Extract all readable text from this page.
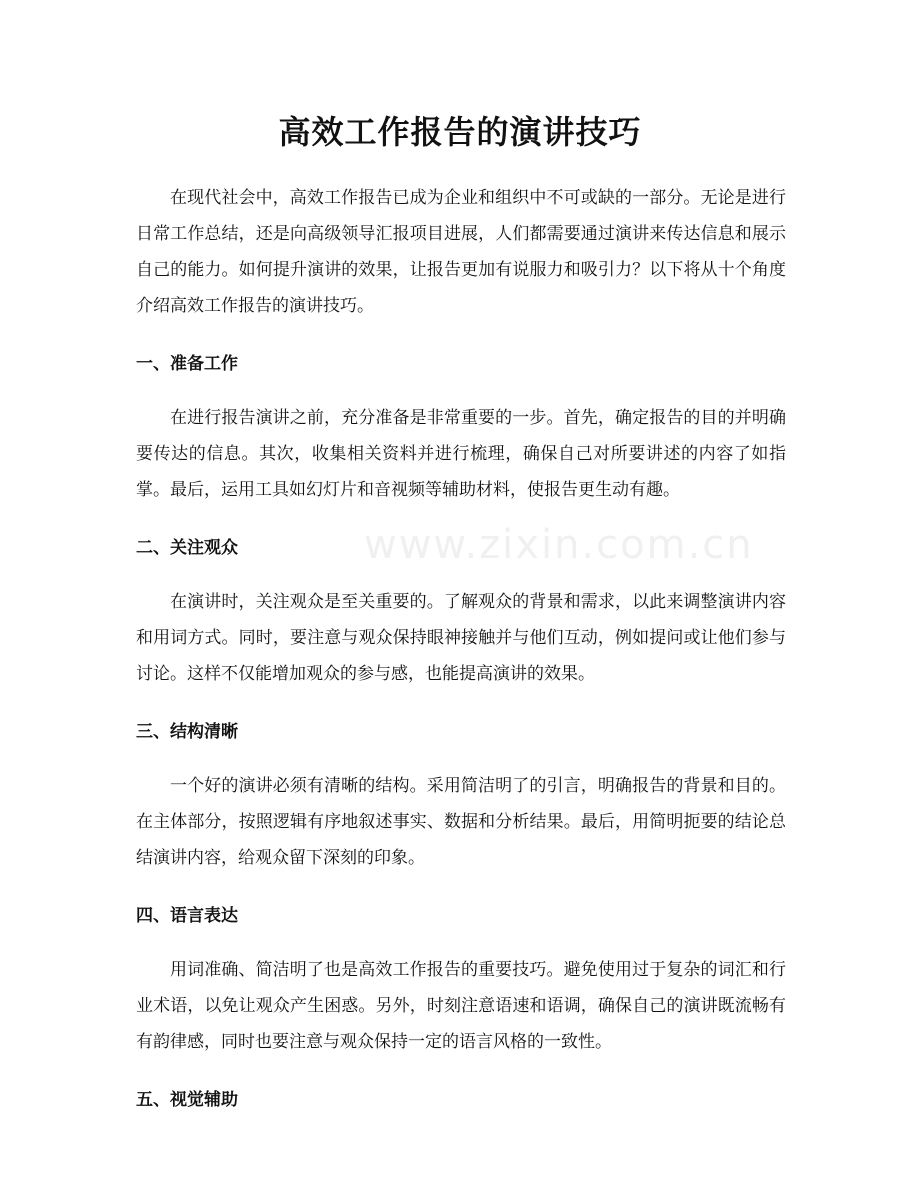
高效工作报告的演讲技巧

在现代社会中，高效工作报告已成为企业和组织中不可或缺的一部分。无论是进行日常工作总结，还是向高级领导汇报项目进展，人们都需要通过演讲来传达信息和展示自己的能力。如何提升演讲的效果，让报告更加有说服力和吸引力？以下将从十个角度介绍高效工作报告的演讲技巧。

一、准备工作

在进行报告演讲之前，充分准备是非常重要的一步。首先，确定报告的目的并明确要传达的信息。其次，收集相关资料并进行梳理，确保自己对所要讲述的内容了如指掌。最后，运用工具如幻灯片和音视频等辅助材料，使报告更生动有趣。

二、关注观众

在演讲时，关注观众是至关重要的。了解观众的背景和需求，以此来调整演讲内容和用词方式。同时，要注意与观众保持眼神接触并与他们互动，例如提问或让他们参与讨论。这样不仅能增加观众的参与感，也能提高演讲的效果。

三、结构清晰

一个好的演讲必须有清晰的结构。采用简洁明了的引言，明确报告的背景和目的。在主体部分，按照逻辑有序地叙述事实、数据和分析结果。最后，用简明扼要的结论总结演讲内容，给观众留下深刻的印象。

四、语言表达

用词准确、简洁明了也是高效工作报告的重要技巧。避免使用过于复杂的词汇和行业术语，以免让观众产生困惑。另外，时刻注意语速和语调，确保自己的演讲既流畅有有韵律感，同时也要注意与观众保持一定的语言风格的一致性。

五、视觉辅助
www.zixin.com.cn
